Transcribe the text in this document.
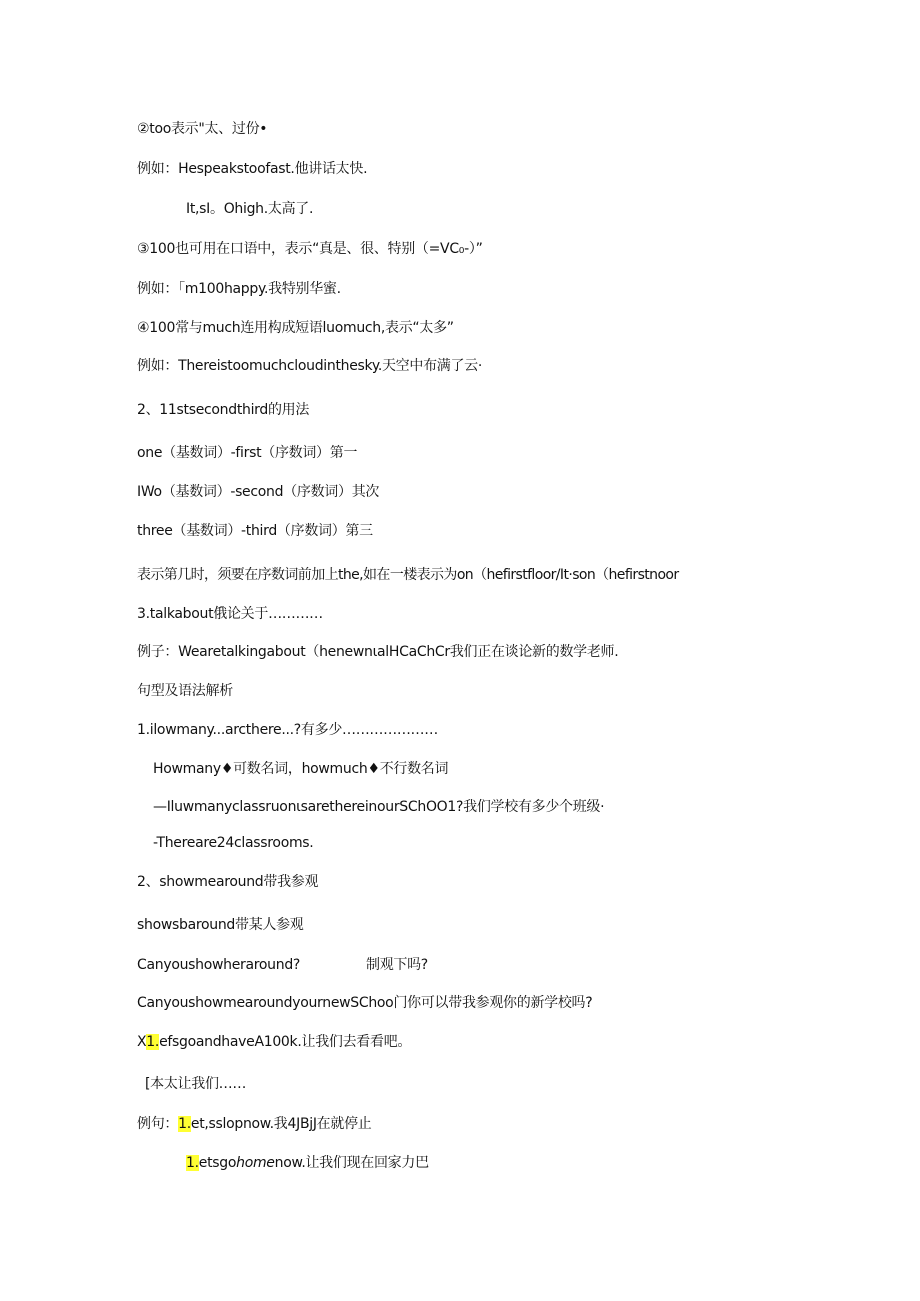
②too表示"太、过份•
例如：Hespeakstoofast.他讲话太快.
It,sI。Ohigh.太高了.
③100也可用在口语中，表示“真是、很、特别（=VC₀-）”
例如：「m100happy.我特别华蜜.
④100常与much连用构成短语luomuch,表示“太多”
例如：Thereistoomuchcloudinthesky.天空中布满了云·
2、11stsecondthird的用法
one（基数词）-first（序数词）第一
IWo（基数词）-second（序数词）其次
three（基数词）-third（序数词）第三
表示第几时，须要在序数词前加上the,如在一楼表示为on（hefirstfloor/It·son（hefirstnoor
3.talkabout俄论关于…………
例子：Wearetalkingabout（henewnιalHCaChCr我们正在谈论新的数学老师.
句型及语法解析
1.ilowmany...arcthere...?有多少…………………
Howmany♦可数名词，howmuch♦不行数名词
—IluwmanyclassruonιsarethereinourSChOO1?我们学校有多少个班级·
-Thereare24classrooms.
2、showmearound带我参观
showsbaround带某人参观
Canyoushowheraround?	制观下吗?
CanyoushowmearoundyournewSChoo门你可以带我参观你的新学校吗?
X1.efsgoandhaveA100k.让我们去看看吧。
[本太让我们……
例句：1.et,sslopnow.我4JBjJ在就停止
1.etsgohomenow.让我们现在回家力巴
